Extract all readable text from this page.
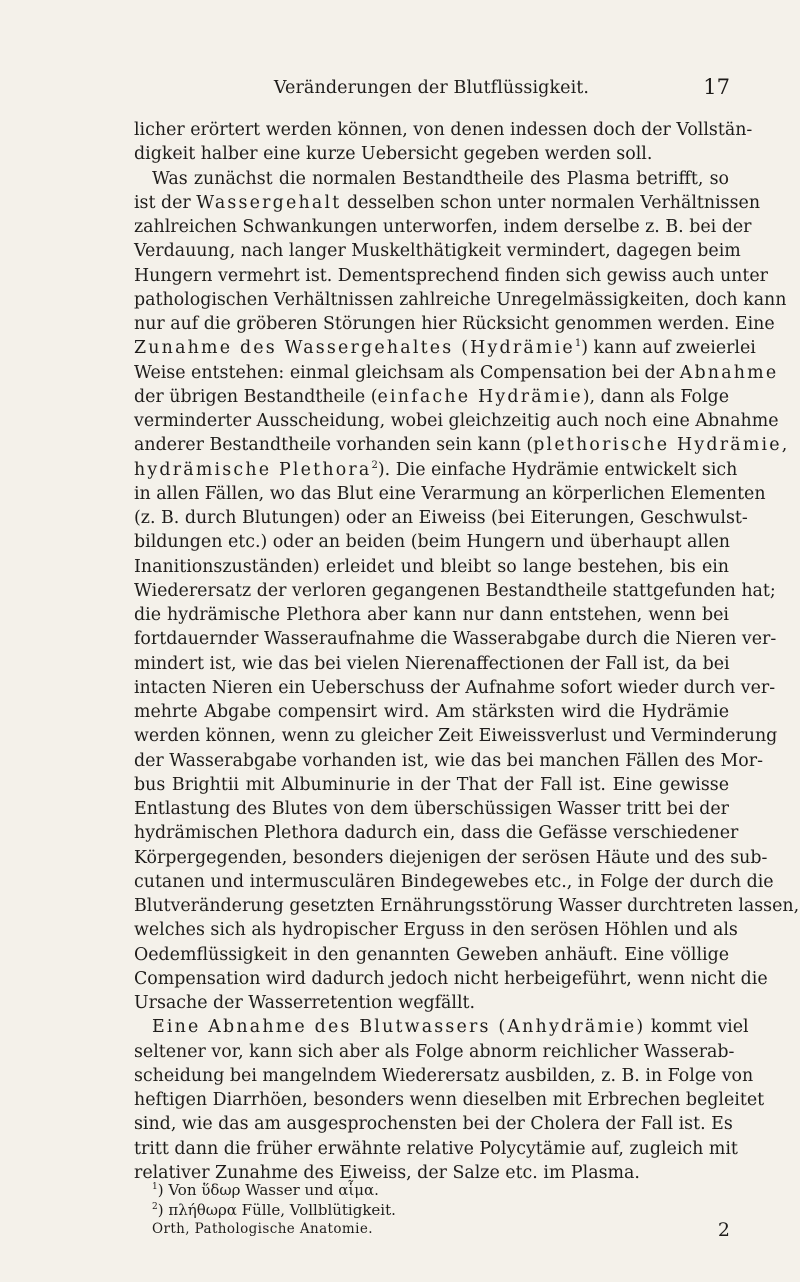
Veränderungen der Blutflüssigkeit.	17
licher erörtert werden können, von denen indessen doch der Vollstän-
digkeit halber eine kurze Uebersicht gegeben werden soll.
Was zunächst die normalen Bestandtheile des Plasma betrifft, so
ist der Wassergehalt desselben schon unter normalen Verhältnissen
zahlreichen Schwankungen unterworfen, indem derselbe z. B. bei der
Verdauung, nach langer Muskelthätigkeit vermindert, dagegen beim
Hungern vermehrt ist. Dementsprechend finden sich gewiss auch unter
pathologischen Verhältnissen zahlreiche Unregelmässigkeiten, doch kann
nur auf die gröberen Störungen hier Rücksicht genommen werden. Eine
Zunahme des Wassergehaltes (Hydrämie$^1$) kann auf zweierlei
Weise entstehen: einmal gleichsam als Compensation bei der Abnahme
der übrigen Bestandtheile (einfache Hydrämie), dann als Folge
verminderter Ausscheidung, wobei gleichzeitig auch noch eine Abnahme
anderer Bestandtheile vorhanden sein kann (plethorische Hydrämie,
hydrämische Plethora$^2$). Die einfache Hydrämie entwickelt sich
in allen Fällen, wo das Blut eine Verarmung an körperlichen Elementen
(z. B. durch Blutungen) oder an Eiweiss (bei Eiterungen, Geschwulst-
bildungen etc.) oder an beiden (beim Hungern und überhaupt allen
Inanitionszuständen) erleidet und bleibt so lange bestehen, bis ein
Wiederersatz der verloren gegangenen Bestandtheile stattgefunden hat;
die hydrämische Plethora aber kann nur dann entstehen, wenn bei
fortdauernder Wasseraufnahme die Wasserabgabe durch die Nieren ver-
mindert ist, wie das bei vielen Nierenaffectionen der Fall ist, da bei
intacten Nieren ein Ueberschuss der Aufnahme sofort wieder durch ver-
mehrte Abgabe compensirt wird. Am stärksten wird die Hydrämie
werden können, wenn zu gleicher Zeit Eiweissverlust und Verminderung
der Wasserabgabe vorhanden ist, wie das bei manchen Fällen des Mor-
bus Brightii mit Albuminurie in der That der Fall ist. Eine gewisse
Entlastung des Blutes von dem überschüssigen Wasser tritt bei der
hydrämischen Plethora dadurch ein, dass die Gefässe verschiedener
Körpergegenden, besonders diejenigen der serösen Häute und des sub-
cutanen und intermusculären Bindegewebes etc., in Folge der durch die
Blutveränderung gesetzten Ernährungsstörung Wasser durchtreten lassen,
welches sich als hydropischer Erguss in den serösen Höhlen und als
Oedemflüssigkeit in den genannten Geweben anhäuft. Eine völlige
Compensation wird dadurch jedoch nicht herbeigeführt, wenn nicht die
Ursache der Wasserretention wegfällt.
Eine Abnahme des Blutwassers (Anhydrämie) kommt viel
seltener vor, kann sich aber als Folge abnorm reichlicher Wasserab-
scheidung bei mangelndem Wiederersatz ausbilden, z. B. in Folge von
heftigen Diarrhöen, besonders wenn dieselben mit Erbrechen begleitet
sind, wie das am ausgesprochensten bei der Cholera der Fall ist. Es
tritt dann die früher erwähnte relative Polycytämie auf, zugleich mit
relativer Zunahme des Eiweiss, der Salze etc. im Plasma.
$^1$) Von ὕδωρ Wasser und αἷμα.
$^2$) πλήθωρα Fülle, Vollblütigkeit.
Orth, Pathologische Anatomie.	2
